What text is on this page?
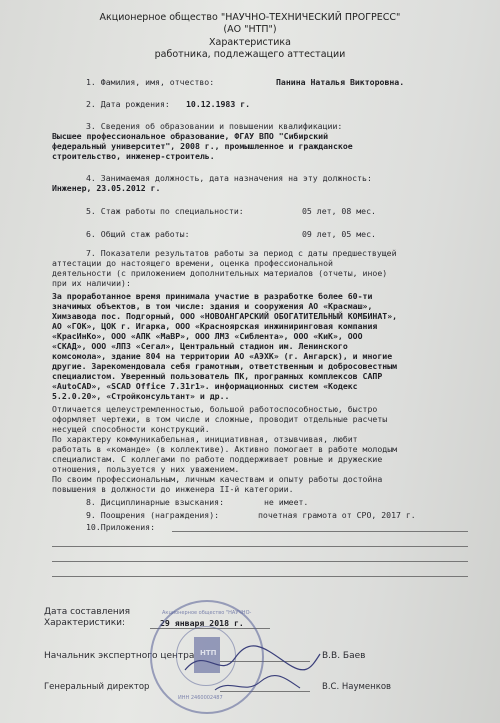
Акционерное общество "НАУЧНО-ТЕХНИЧЕСКИЙ ПРОГРЕСС"
(АО "НТП")
Характеристика
работника, подлежащего аттестации
1. Фамилия, имя, отчество:	Панина Наталья Викторовна.
2. Дата рождения: 10.12.1983 г.
3. Сведения об образовании и повышении квалификации:
Высшее профессиональное образование, ФГАУ ВПО "Сибирский
федеральный университет", 2008 г., промышленное и гражданское
строительство, инженер-строитель.
4. Занимаемая должность, дата назначения на эту должность:
Инженер, 23.05.2012 г.
5. Стаж работы по специальности:	05 лет, 08 мес.
6. Общий стаж работы:	09 лет, 05 мес.
7. Показатели результатов работы за период с даты предшествущей
аттестации до настоящего времени, оценка профессиональной
деятельности (с приложением дополнительных материалов (отчеты, иное)
при их наличии):
За проработанное время принимала участие в разработке более 60-ти
значимых объектов, в том числе: здания и сооружения АО «Красмаш»,
Химзавода пос. Подгорный, ООО «НОВОАНГАРСКИЙ ОБОГАТИТЕЛЬНЫЙ КОМБИНАТ»,
АО «ГОК», ЦОК г. Игарка, ООО «Красноярская инжиниринговая компания
«КрасИнКо», ООО «АПК «МаВР», ООО ЛМЗ «Сиблента», ООО «КиК», ООО
«СКАД», ООО «ЛПЗ «Сегал», Центральный стадион им. Ленинского
комсомола», здание 804 на территории АО «АЭХК» (г. Ангарск), и многие
другие. Зарекомендовала себя грамотным, ответственным и добросовестным
специалистом. Уверенный пользователь ПК, програмных комплексов САПР
«AutoCAD», «SCAD Office 7.31r1». информационных систем «Кодекс
5.2.0.20», «Стройконсультант» и др..
Отличается целеустремленностью, большой работоспособностью, быстро
оформляет чертежи, в том числе и сложные, проводит отдельные расчеты
несущей способности конструкций.
По характеру коммуникабельная, инициативная, отзывчивая, любит
работать в «команде» (в коллективе). Активно помогает в работе молодым
специалистам. С коллегами по работе поддерживает ровные и дружеские
отношения, пользуется у них уважением.
По своим профессиональным, личным качествам и опыту работы достойна
повышения в должности до инженера II-й категории.
8. Дисциплинарные взыскания:	не имеет.
9. Поощрения (награждения):	почетная грамота от СРО, 2017 г.
10.Приложения:
Дата составления
Характеристики:	29 января 2018 г.
Начальник экспертного центра	В.В. Баев
Генеральный директор	В.С. Науменков
Акционерное общество "НАУЧНО-
ИНН 2460002487
НТП
